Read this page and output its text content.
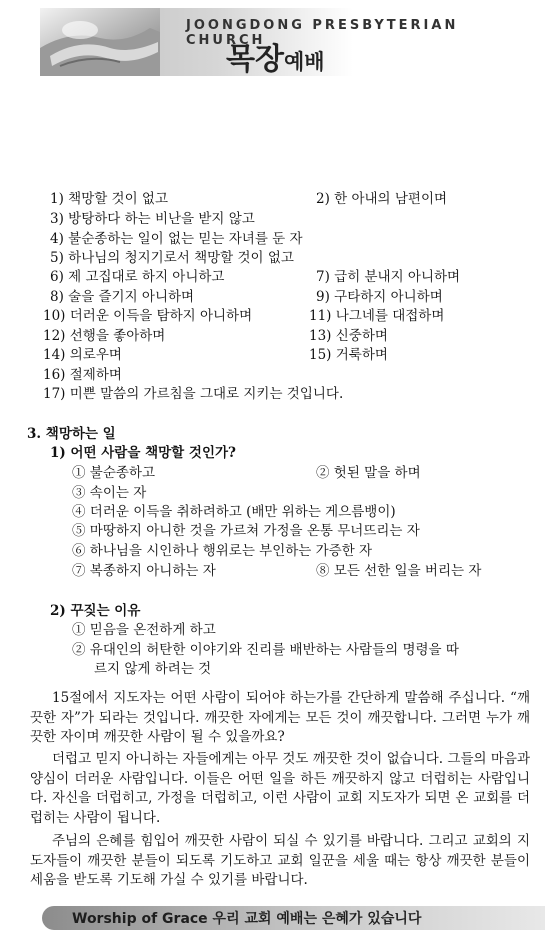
JOONGDONG PRESBYTERIAN CHURCH
목장예배
1) 책망할 것이 없고	2) 한 아내의 남편이며
3) 방탕하다 하는 비난을 받지 않고
4) 불순종하는 일이 없는 믿는 자녀를 둔 자
5) 하나님의 청지기로서 책망할 것이 없고
6) 제 고집대로 하지 아니하고	7) 급히 분내지 아니하며
8) 술을 즐기지 아니하며	9) 구타하지 아니하며
10) 더러운 이득을 탐하지 아니하며	11) 나그네를 대접하며
12) 선행을 좋아하며	13) 신중하며
14) 의로우며	15) 거룩하며
16) 절제하며
17) 미쁜 말씀의 가르침을 그대로 지키는 것입니다.
3. 책망하는 일
1) 어떤 사람을 책망할 것인가?
① 불순종하고	② 헛된 말을 하며
③ 속이는 자
④ 더러운 이득을 취하려하고 (배만 위하는 게으름뱅이)
⑤ 마땅하지 아니한 것을 가르쳐 가정을 온통 무너뜨리는 자
⑥ 하나님을 시인하나 행위로는 부인하는 가증한 자
⑦ 복종하지 아니하는 자	⑧ 모든 선한 일을 버리는 자
2) 꾸짖는 이유
① 믿음을 온전하게 하고
② 유대인의 허탄한 이야기와 진리를 배반하는 사람들의 명령을 따
르지 않게 하려는 것
15절에서 지도자는 어떤 사람이 되어야 하는가를 간단하게 말씀해 주십니다. “깨끗한 자”가 되라는 것입니다. 깨끗한 자에게는 모든 것이 깨끗합니다. 그러면 누가 깨끗한 자이며 깨끗한 사람이 될 수 있을까요?
더럽고 믿지 아니하는 자들에게는 아무 것도 깨끗한 것이 없습니다. 그들의 마음과 양심이 더러운 사람입니다. 이들은 어떤 일을 하든 깨끗하지 않고 더럽히는 사람입니다. 자신을 더럽히고, 가정을 더럽히고, 이런 사람이 교회 지도자가 되면 온 교회를 더럽히는 사람이 됩니다.
주님의 은혜를 힘입어 깨끗한 사람이 되실 수 있기를 바랍니다. 그리고 교회의 지도자들이 깨끗한 분들이 되도록 기도하고 교회 일꾼을 세울 때는 항상 깨끗한 분들이 세움을 받도록 기도해 가실 수 있기를 바랍니다.
Worship of Grace 우리 교회 예배는 은혜가 있습니다
